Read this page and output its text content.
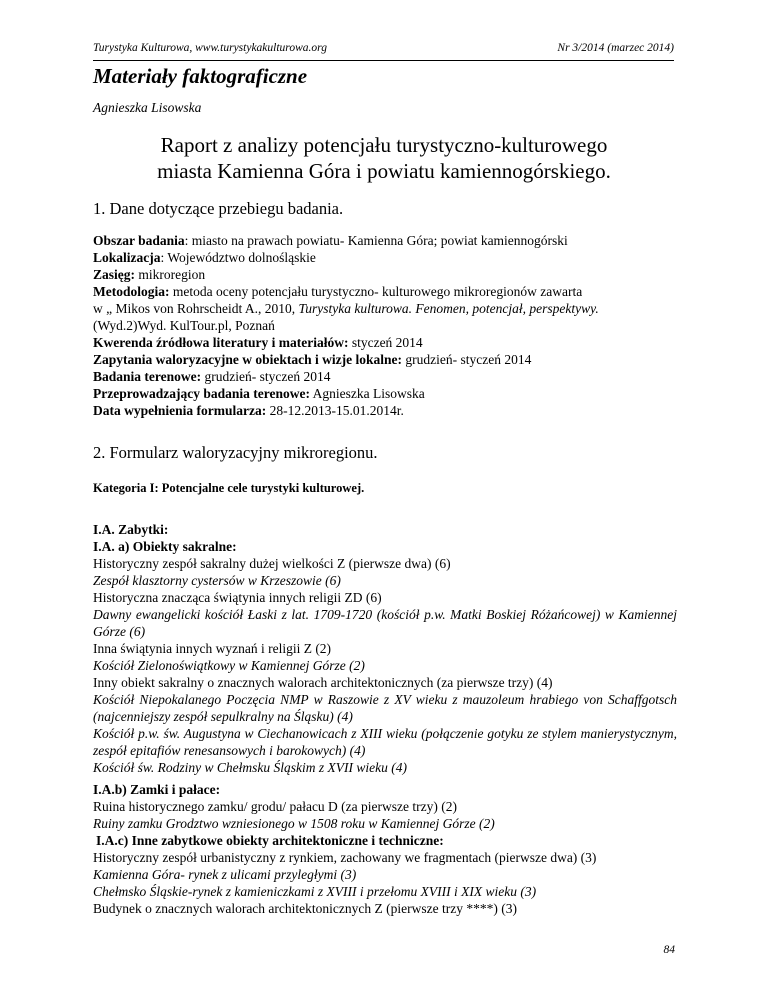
Turystyka Kulturowa, www.turystykakulturowa.org	Nr 3/2014 (marzec 2014)
Materiały faktograficzne
Agnieszka Lisowska
Raport z analizy potencjału turystyczno-kulturowego
miasta Kamienna Góra i powiatu kamiennogórskiego.
1. Dane dotyczące przebiegu badania.

Obszar badania: miasto na prawach powiatu- Kamienna Góra; powiat kamiennogórski

Lokalizacja: Województwo dolnośląskie

Zasięg: mikroregion

Metodologia: metoda oceny potencjału turystyczno- kulturowego mikroregionów zawarta

w „ Mikos von Rohrscheidt A., 2010, Turystyka kulturowa. Fenomen, potencjał, perspektywy.

(Wyd.2)Wyd. KulTour.pl, Poznań

Kwerenda źródłowa literatury i materiałów: styczeń 2014

Zapytania waloryzacyjne w obiektach i wizje lokalne: grudzień- styczeń 2014

Badania terenowe: grudzień- styczeń 2014

Przeprowadzający badania terenowe: Agnieszka Lisowska

Data wypełnienia formularza: 28-12.2013-15.01.2014r.

2. Formularz waloryzacyjny mikroregionu.

Kategoria I: Potencjalne cele turystyki kulturowej.

I.A. Zabytki:

I.A. a) Obiekty sakralne:

Historyczny zespół sakralny dużej wielkości Z (pierwsze dwa) (6)

Zespół klasztorny cystersów w Krzeszowie (6)

Historyczna znacząca świątynia innych religii ZD (6)

Dawny ewangelicki kościół Łaski z lat. 1709-1720 (kościół p.w. Matki Boskiej Różańcowej) w Kamiennej Górze (6)

Inna świątynia innych wyznań i religii Z (2)

Kościół Zielonoświątkowy w Kamiennej Górze (2)

Inny obiekt sakralny o znacznych walorach architektonicznych (za pierwsze trzy) (4)

Kościół Niepokalanego Poczęcia NMP w Raszowie z XV wieku z mauzoleum hrabiego von Schaffgotsch (najcenniejszy zespół sepulkralny na Śląsku) (4)

Kościół p.w. św. Augustyna w Ciechanowicach z XIII wieku (połączenie gotyku ze stylem manierystycznym, zespół epitafiów renesansowych i barokowych) (4)

Kościół św. Rodziny w Chełmsku Śląskim z XVII wieku (4)

I.A.b) Zamki i pałace:

Ruina historycznego zamku/ grodu/ pałacu D (za pierwsze trzy) (2)

Ruiny zamku Grodztwo wzniesionego w 1508 roku w Kamiennej Górze (2)

I.A.c) Inne zabytkowe obiekty architektoniczne i techniczne:

Historyczny zespół urbanistyczny z rynkiem, zachowany we fragmentach (pierwsze dwa) (3)

Kamienna Góra- rynek z ulicami przyległymi (3)

Chełmsko Śląskie-rynek z kamieniczkami z XVIII i przełomu XVIII i XIX wieku (3)

Budynek o znacznych walorach architektonicznych Z (pierwsze trzy ****) (3)

84
